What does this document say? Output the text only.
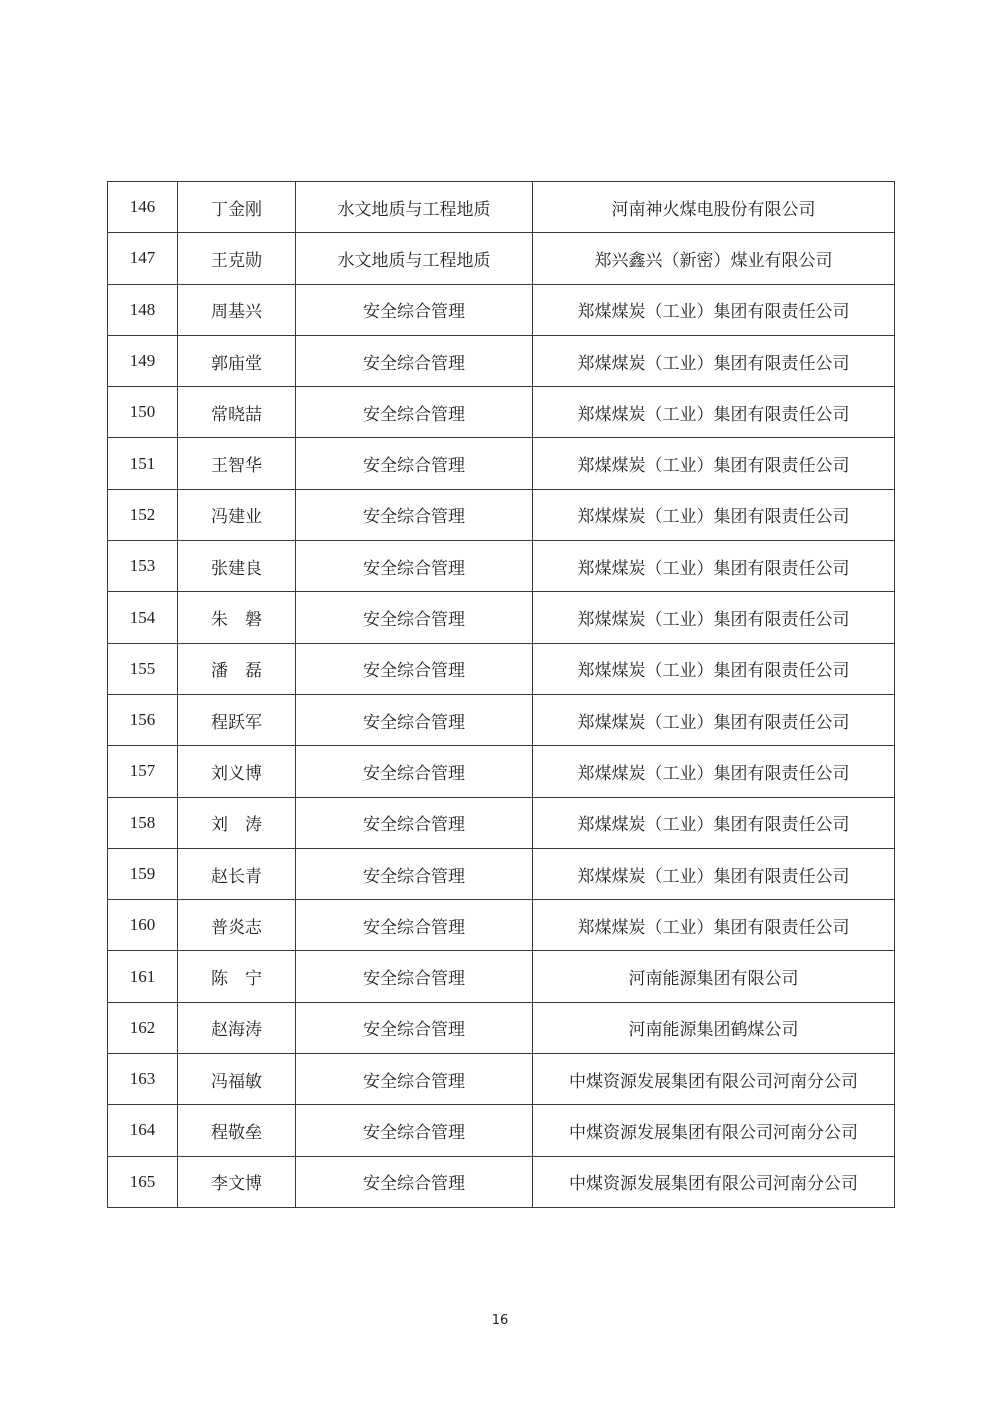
146	丁金刚	水文地质与工程地质	河南神火煤电股份有限公司
147	王克勋	水文地质与工程地质	郑兴鑫兴（新密）煤业有限公司
148	周基兴	安全综合管理	郑煤煤炭（工业）集团有限责任公司
149	郭庙堂	安全综合管理	郑煤煤炭（工业）集团有限责任公司
150	常晓喆	安全综合管理	郑煤煤炭（工业）集团有限责任公司
151	王智华	安全综合管理	郑煤煤炭（工业）集团有限责任公司
152	冯建业	安全综合管理	郑煤煤炭（工业）集团有限责任公司
153	张建良	安全综合管理	郑煤煤炭（工业）集团有限责任公司
154	朱　磐	安全综合管理	郑煤煤炭（工业）集团有限责任公司
155	潘　磊	安全综合管理	郑煤煤炭（工业）集团有限责任公司
156	程跃军	安全综合管理	郑煤煤炭（工业）集团有限责任公司
157	刘义博	安全综合管理	郑煤煤炭（工业）集团有限责任公司
158	刘　涛	安全综合管理	郑煤煤炭（工业）集团有限责任公司
159	赵长青	安全综合管理	郑煤煤炭（工业）集团有限责任公司
160	普炎志	安全综合管理	郑煤煤炭（工业）集团有限责任公司
161	陈　宁	安全综合管理	河南能源集团有限公司
162	赵海涛	安全综合管理	河南能源集团鹤煤公司
163	冯福敏	安全综合管理	中煤资源发展集团有限公司河南分公司
164	程敬垒	安全综合管理	中煤资源发展集团有限公司河南分公司
165	李文博	安全综合管理	中煤资源发展集团有限公司河南分公司
16
